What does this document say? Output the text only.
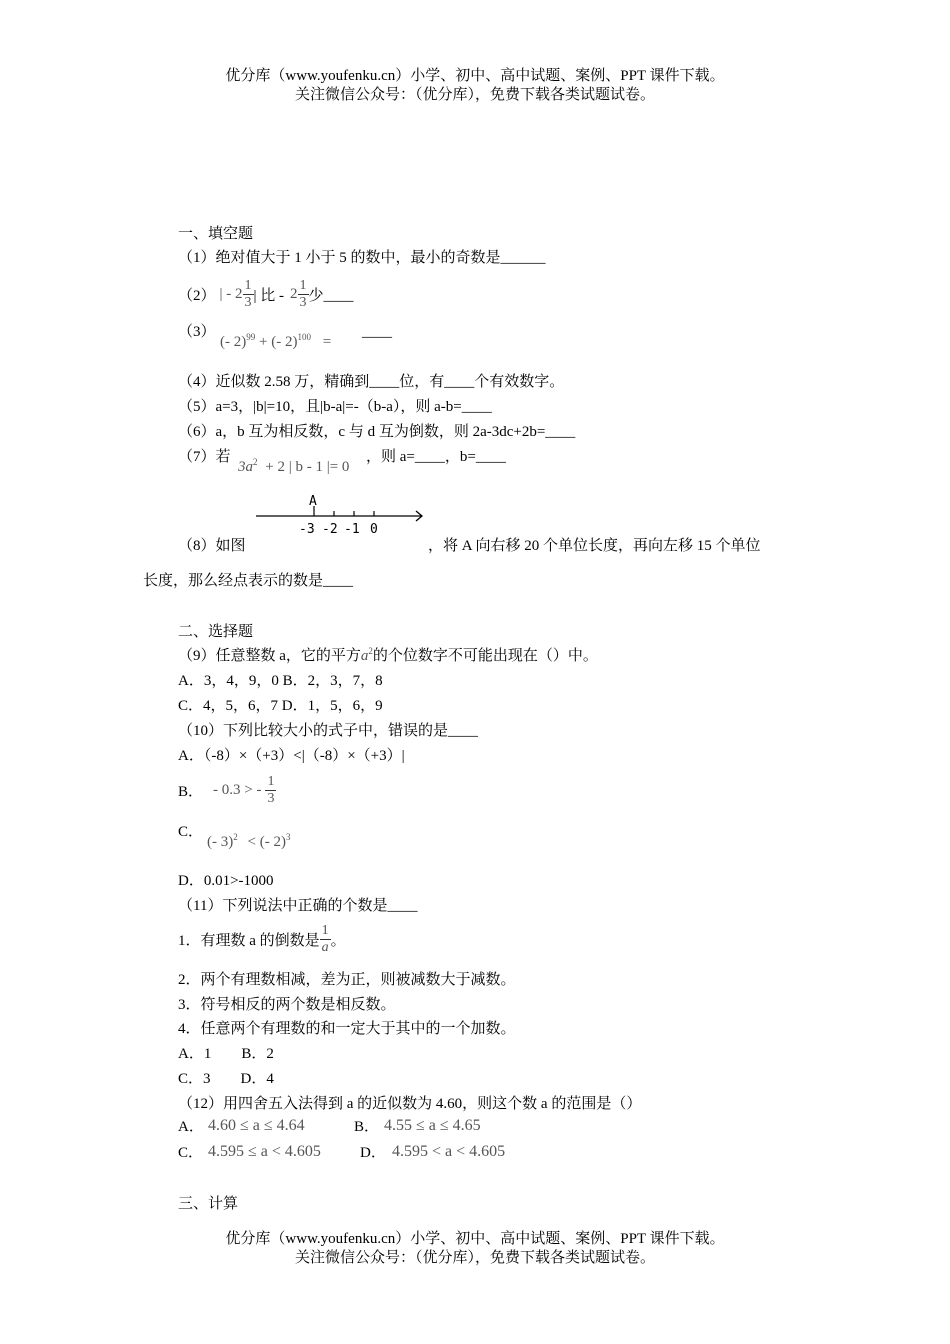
优分库（www.youfenku.cn）小学、初中、高中试题、案例、PPT 课件下载。
关注微信公众号：（优分库），免费下载各类试题试卷。
一、填空题
（1）绝对值大于 1 小于 5 的数中，最小的奇数是______
（2） | - $2 \frac{1}{3}$ | 比 - $2 \frac{1}{3}$ 少____
（3）
(- 2)$^{99}$ + (- 2)$^{100}$ =
____
（4）近似数 2.58 万，精确到____位，有____个有效数字。
（5）a=3，|b|=10，且|b-a|=-（b-a），则 a-b=____
（6）a，b 互为相反数，c 与 d 互为倒数，则 2a-3dc+2b=____
（7）若
$3a^2 + 2$ | b - 1 |= 0
，则 a=____，b=____
A
-3 -2 -1 0
（8）如图	，将 A 向右移 20 个单位长度，再向左移 15 个单位
长度，那么经点表示的数是____
二、选择题
（9）任意整数 a，它的平方$a^2$的个位数字不可能出现在（）中。
A．3，4，9，0 B．2，3，7，8
C．4，5，6，7 D．1，5，6，9
（10）下列比较大小的式子中，错误的是____
A．（-8）×（+3）<|（-8）×（+3）|
B． - 0.3 > - $\frac{1}{3}$
C．
(- 3)$^2$ < (- 2)$^3$
D．0.01>-1000
（11）下列说法中正确的个数是____
1．有理数 a 的倒数是 $\frac{1}{a}$ 。
2．两个有理数相减，差为正，则被减数大于减数。
3．符号相反的两个数是相反数。
4．任意两个有理数的和一定大于其中的一个加数。
A．1        B．2
C．3        D．4
（12）用四舍五入法得到 a 的近似数为 4.60，则这个数 a 的范围是（）
A． 4.60 ≤ a ≤ 4.64	B． 4.55 ≤ a ≤ 4.65
C． 4.595 ≤ a < 4.605	D． 4.595 < a < 4.605
三、计算
优分库（www.youfenku.cn）小学、初中、高中试题、案例、PPT 课件下载。
关注微信公众号：（优分库），免费下载各类试题试卷。
